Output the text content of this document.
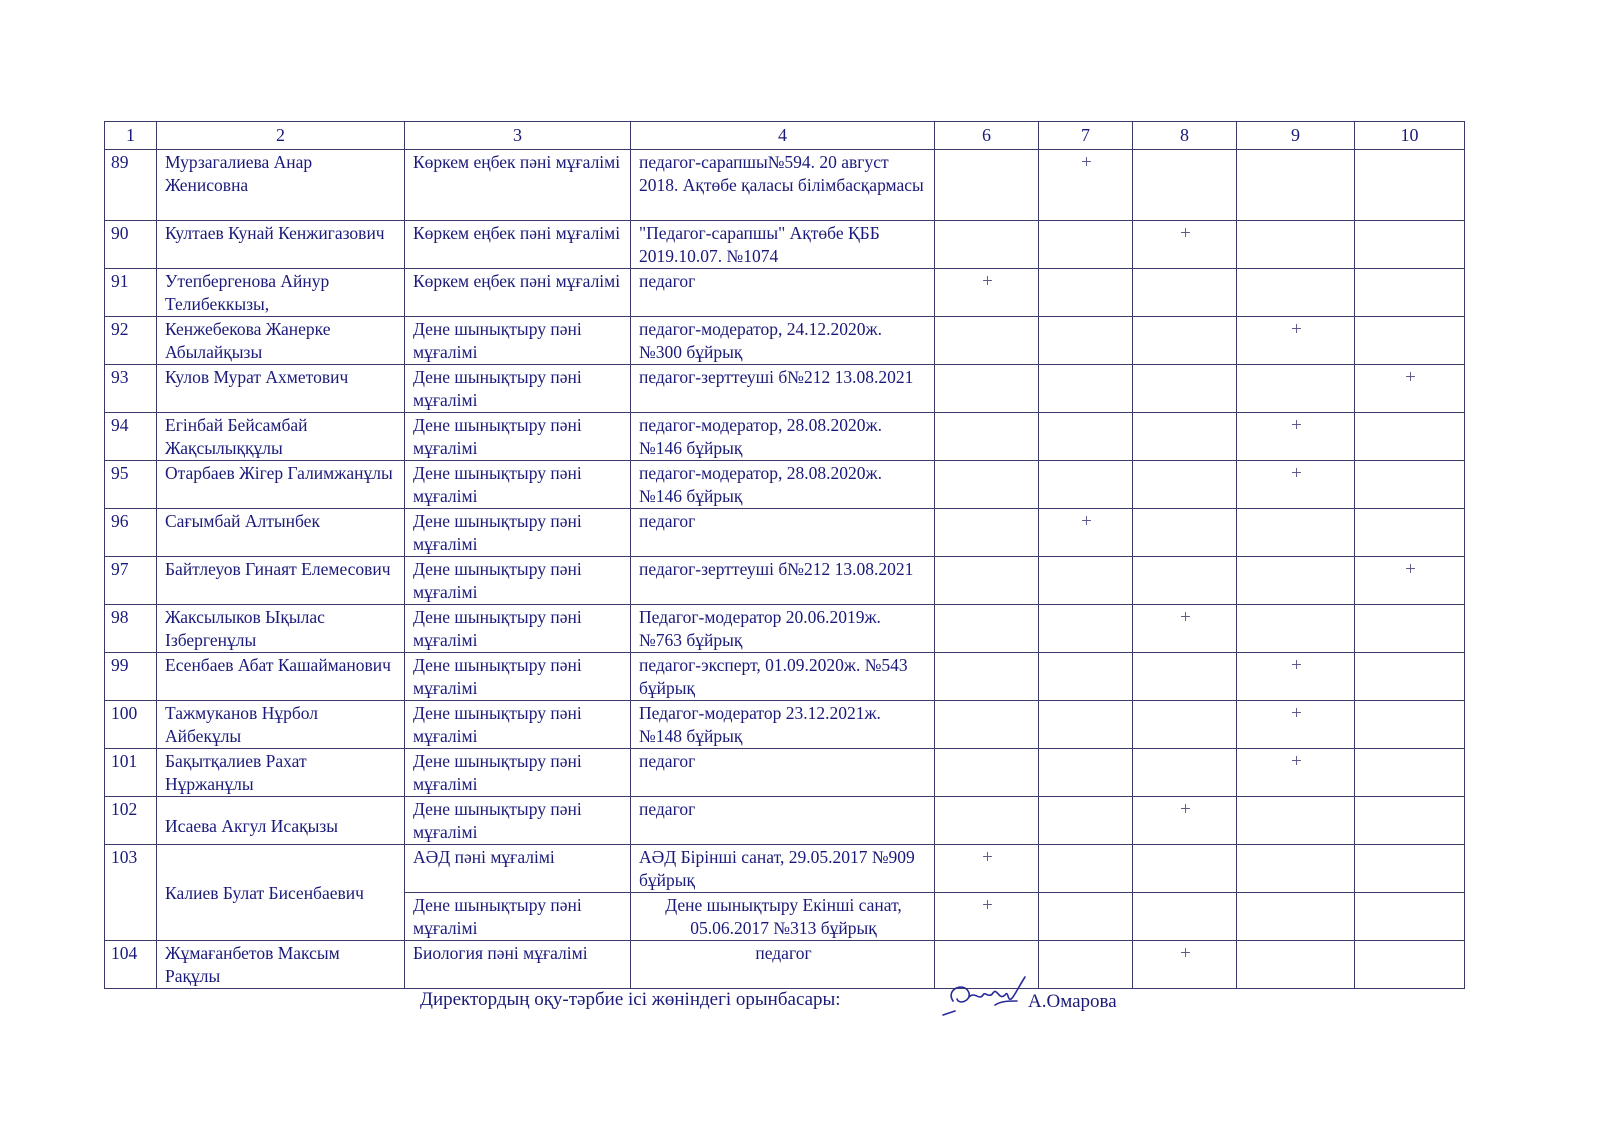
1	2	3	4	6	7	8	9	10
89	Мурзагалиева Анар Женисовна	Көркем еңбек пәні мұғалімі	педагог-сарапшы№594. 20 август 2018. Ақтөбе қаласы білімбасқармасы		+			
90	Култаев Кунай Кенжигазович	Көркем еңбек пәні мұғалімі	"Педагог-сарапшы" Ақтөбе ҚББ 2019.10.07. №1074			+		
91	Утепбергенова Айнур Телибеккызы,	Көркем еңбек пәні мұғалімі	педагог	+				
92	Кенжебекова Жанерке Абылайқызы	Дене шынықтыру пәні мұғалімі	педагог-модератор, 24.12.2020ж. №300 бұйрық				+	
93	Кулов Мурат Ахметович	Дене шынықтыру пәні мұғалімі	педагог-зерттеуші б№212 13.08.2021					+
94	Егінбай Бейсамбай Жақсылыққұлы	Дене шынықтыру пәні мұғалімі	педагог-модератор, 28.08.2020ж. №146 бұйрық				+	
95	Отарбаев Жігер Галимжанұлы	Дене шынықтыру пәні мұғалімі	педагог-модератор, 28.08.2020ж. №146 бұйрық				+	
96	Сағымбай Алтынбек	Дене шынықтыру пәні мұғалімі	педагог		+			
97	Байтлеуов Гинаят Елемесович	Дене шынықтыру пәні мұғалімі	педагог-зерттеуші б№212 13.08.2021					+
98	Жаксылыков Ықылас Ізбергенұлы	Дене шынықтыру пәні мұғалімі	Педагог-модератор 20.06.2019ж. №763 бұйрық			+		
99	Есенбаев Абат Кашайманович	Дене шынықтыру пәні мұғалімі	педагог-эксперт, 01.09.2020ж. №543 бұйрық				+	
100	Тажмуканов Нұрбол Айбекұлы	Дене шынықтыру пәні мұғалімі	Педагог-модератор 23.12.2021ж. №148 бұйрық				+	
101	Бақытқалиев Рахат Нұржанұлы	Дене шынықтыру пәні мұғалімі	педагог				+	
102	Исаева Акгул Исақызы	Дене шынықтыру пәні мұғалімі	педагог			+		
103	Калиев Булат Бисенбаевич	АӘД пәні мұғалімі	АӘД Бірінші санат, 29.05.2017 №909 бұйрық	+				
		Дене шынықтыру пәні мұғалімі	Дене шынықтыру Екінші санат, 05.06.2017 №313 бұйрық	+				
104	Жұмағанбетов Максым Рақұлы	Биология пәні мұғалімі	педагог			+		
Директордың оқу-тәрбие ісі жөніндегі орынбасары:	А.Омарова
